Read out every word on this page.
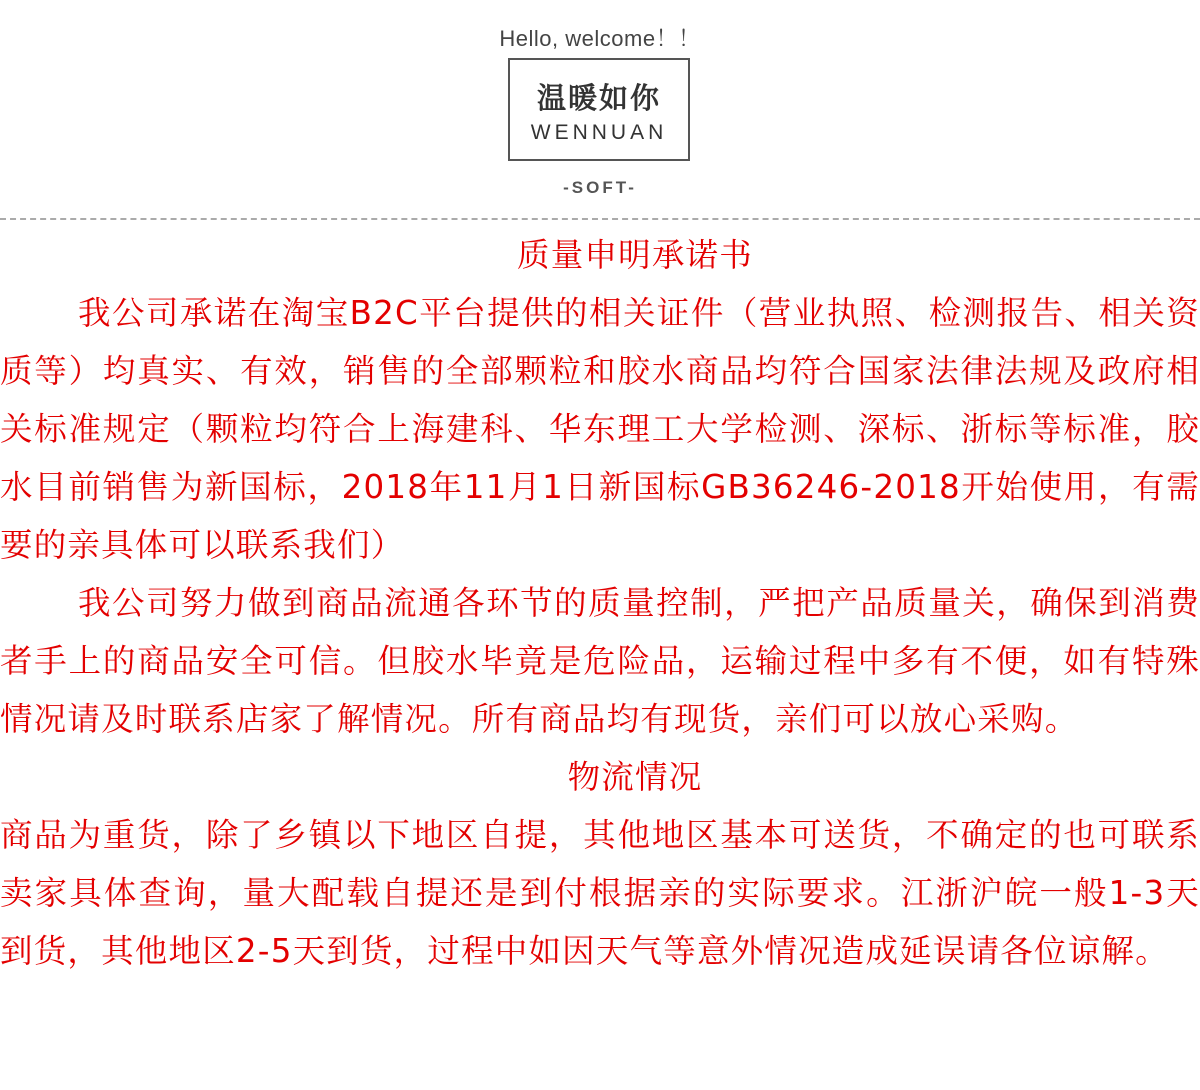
Hello, welcome！！
温暖如你
WENNUAN
-SOFT-

质量申明承诺书

我公司承诺在淘宝B2C平台提供的相关证件（营业执照、检测报告、相关资质等）均真实、有效，销售的全部颗粒和胶水商品均符合国家法律法规及政府相关标准规定（颗粒均符合上海建科、华东理工大学检测、深标、浙标等标准，胶水目前销售为新国标，2018年11月1日新国标GB36246-2018开始使用，有需要的亲具体可以联系我们）

我公司努力做到商品流通各环节的质量控制，严把产品质量关，确保到消费者手上的商品安全可信。但胶水毕竟是危险品，运输过程中多有不便，如有特殊情况请及时联系店家了解情况。所有商品均有现货，亲们可以放心采购。

物流情况

商品为重货，除了乡镇以下地区自提，其他地区基本可送货，不确定的也可联系卖家具体查询，量大配载自提还是到付根据亲的实际要求。江浙沪皖一般1-3天到货，其他地区2-5天到货，过程中如因天气等意外情况造成延误请各位谅解。
